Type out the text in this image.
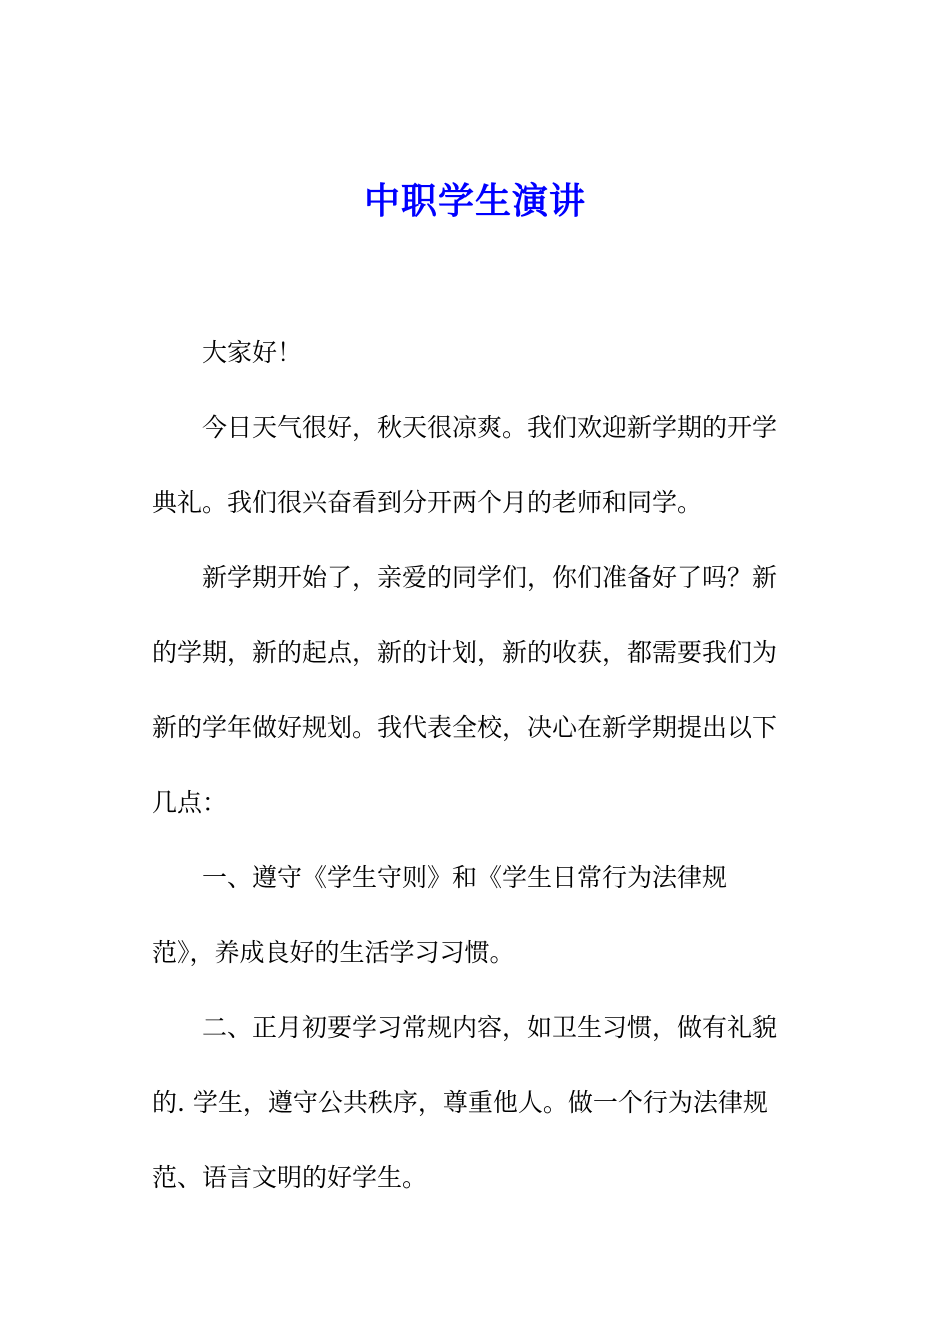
中职学生演讲
大家好！
今日天气很好，秋天很凉爽。我们欢迎新学期的开学
典礼。我们很兴奋看到分开两个月的老师和同学。
新学期开始了，亲爱的同学们，你们准备好了吗？新
的学期，新的起点，新的计划，新的收获，都需要我们为
新的学年做好规划。我代表全校，决心在新学期提出以下
几点：
一、遵守《学生守则》和《学生日常行为法律规
范》，养成良好的生活学习习惯。
二、正月初要学习常规内容，如卫生习惯，做有礼貌
的. 学生，遵守公共秩序，尊重他人。做一个行为法律规
范、语言文明的好学生。
